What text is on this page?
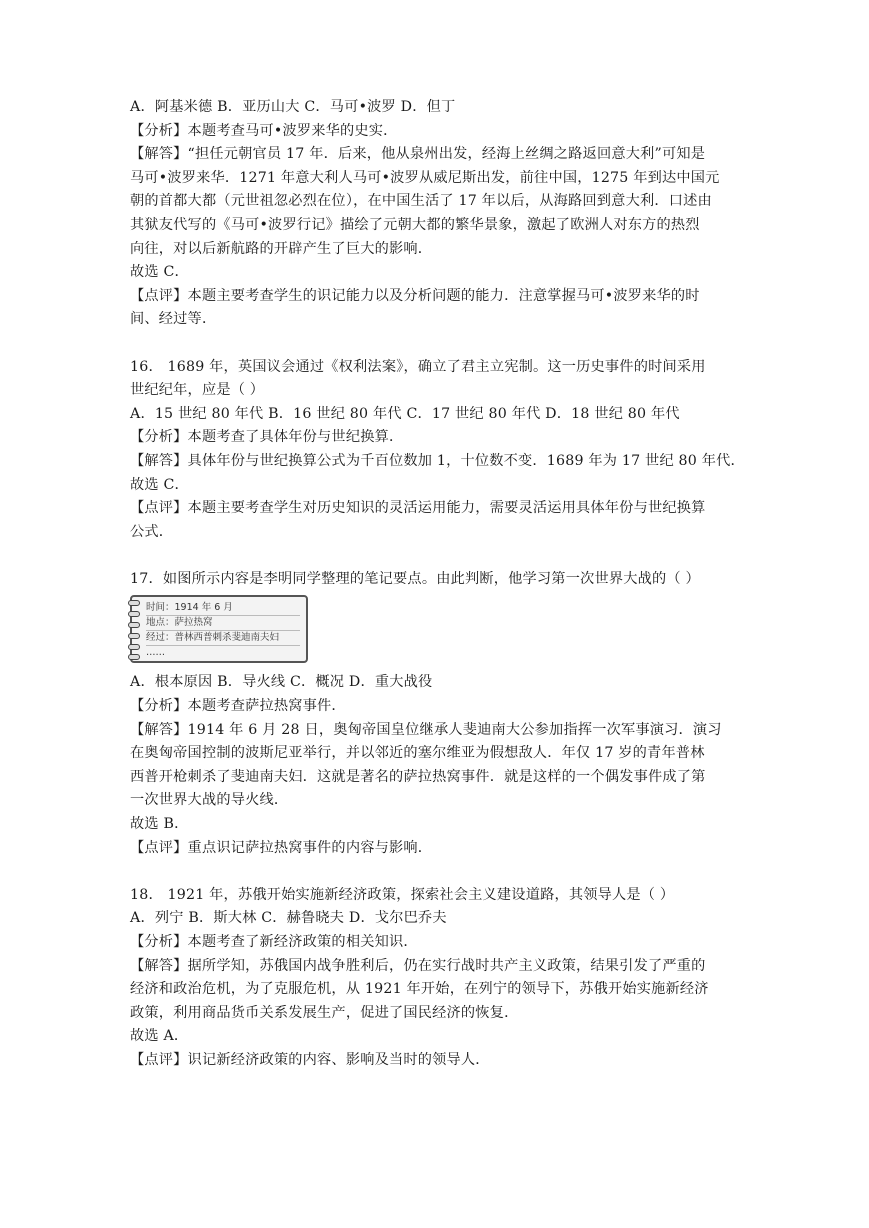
A．阿基米德 B．亚历山大 C．马可•波罗 D．但丁
【分析】本题考查马可•波罗来华的史实．
【解答】“担任元朝官员 17 年．后来，他从泉州出发，经海上丝绸之路返回意大利”可知是
马可•波罗来华．1271 年意大利人马可•波罗从威尼斯出发，前往中国，1275 年到达中国元
朝的首都大都（元世祖忽必烈在位），在中国生活了 17 年以后，从海路回到意大利．口述由
其狱友代写的《马可•波罗行记》描绘了元朝大都的繁华景象，激起了欧洲人对东方的热烈
向往，对以后新航路的开辟产生了巨大的影响．
故选 C．
【点评】本题主要考查学生的识记能力以及分析问题的能力．注意掌握马可•波罗来华的时
间、经过等．
16． 1689 年，英国议会通过《权利法案》，确立了君主立宪制。这一历史事件的时间采用
世纪纪年，应是（ ）
A．15 世纪 80 年代 B．16 世纪 80 年代 C．17 世纪 80 年代 D．18 世纪 80 年代
【分析】本题考查了具体年份与世纪换算．
【解答】具体年份与世纪换算公式为千百位数加 1，十位数不变．1689 年为 17 世纪 80 年代．
故选 C．
【点评】本题主要考查学生对历史知识的灵活运用能力，需要灵活运用具体年份与世纪换算
公式．
17．如图所示内容是李明同学整理的笔记要点。由此判断，他学习第一次世界大战的（ ）
时间：1914 年 6 月
地点：萨拉热窝
经过：普林西普刺杀斐迪南夫妇
……
A．根本原因 B．导火线 C．概况 D．重大战役
【分析】本题考查萨拉热窝事件．
【解答】1914 年 6 月 28 日，奥匈帝国皇位继承人斐迪南大公参加指挥一次军事演习．演习
在奥匈帝国控制的波斯尼亚举行，并以邻近的塞尔维亚为假想敌人．年仅 17 岁的青年普林
西普开枪刺杀了斐迪南夫妇．这就是著名的萨拉热窝事件．就是这样的一个偶发事件成了第
一次世界大战的导火线．
故选 B．
【点评】重点识记萨拉热窝事件的内容与影响．
18． 1921 年，苏俄开始实施新经济政策，探索社会主义建设道路，其领导人是（ ）
A．列宁 B．斯大林 C．赫鲁晓夫 D．戈尔巴乔夫
【分析】本题考查了新经济政策的相关知识．
【解答】据所学知，苏俄国内战争胜利后，仍在实行战时共产主义政策，结果引发了严重的
经济和政治危机，为了克服危机，从 1921 年开始，在列宁的领导下，苏俄开始实施新经济
政策，利用商品货币关系发展生产，促进了国民经济的恢复．
故选 A．
【点评】识记新经济政策的内容、影响及当时的领导人．
